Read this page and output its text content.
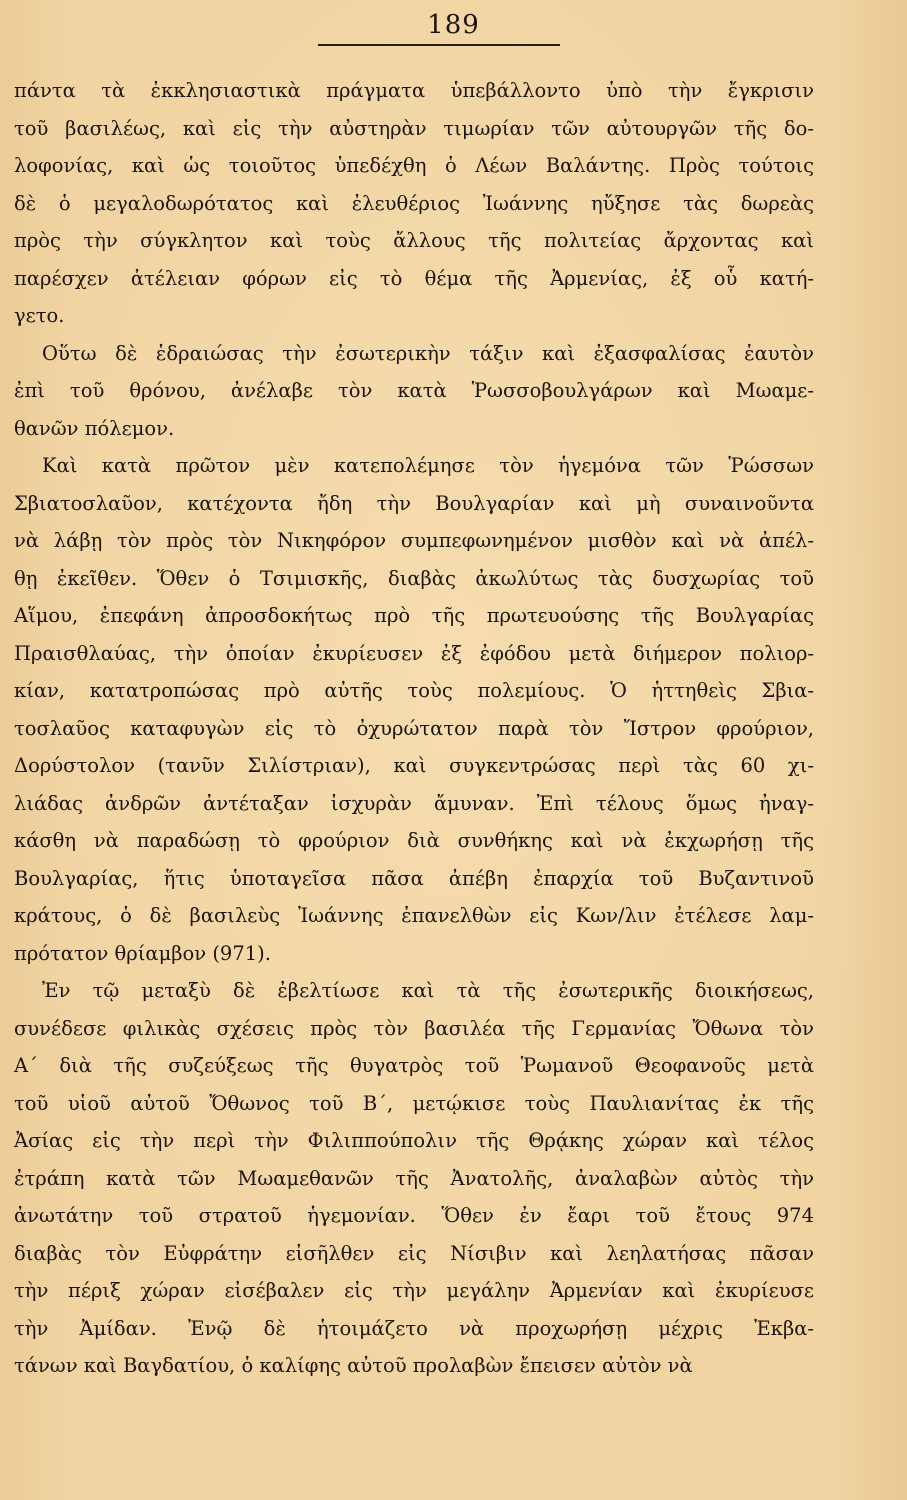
189
πάντα τὰ ἐκκλησιαστικὰ πράγματα ὑπεβάλλοντο ὑπὸ τὴν ἔγκρισιν
τοῦ βασιλέως, καὶ εἰς τὴν αὐστηρὰν τιμωρίαν τῶν αὐτουργῶν τῆς δο-
λοφονίας, καὶ ὡς τοιοῦτος ὑπεδέχθη ὁ Λέων Βαλάντης. Πρὸς τούτοις
δὲ ὁ μεγαλοδωρότατος καὶ ἐλευθέριος Ἰωάννης ηὔξησε τὰς δωρεὰς
πρὸς τὴν σύγκλητον καὶ τοὺς ἄλλους τῆς πολιτείας ἄρχοντας καὶ
παρέσχεν ἀτέλειαν φόρων εἰς τὸ θέμα τῆς Ἀρμενίας, ἐξ οὗ κατή-
γετο.
Οὕτω δὲ ἑδραιώσας τὴν ἐσωτερικὴν τάξιν καὶ ἐξασφαλίσας ἑαυτὸν
ἐπὶ τοῦ θρόνου, ἀνέλαβε τὸν κατὰ Ῥωσσοβουλγάρων καὶ Μωαμε-
θανῶν πόλεμον.
Καὶ κατὰ πρῶτον μὲν κατεπολέμησε τὸν ἡγεμόνα τῶν Ῥώσσων
Σβιατοσλαῦον, κατέχοντα ἤδη τὴν Βουλγαρίαν καὶ μὴ συναινοῦντα
νὰ λάβῃ τὸν πρὸς τὸν Νικηφόρον συμπεφωνημένον μισθὸν καὶ νὰ ἀπέλ-
θῃ ἐκεῖθεν. Ὅθεν ὁ Τσιμισκῆς, διαβὰς ἀκωλύτως τὰς δυσχωρίας τοῦ
Αἵμου, ἐπεφάνη ἀπροσδοκήτως πρὸ τῆς πρωτευούσης τῆς Βουλγαρίας
Πραισθλαύας, τὴν ὁποίαν ἐκυρίευσεν ἐξ ἐφόδου μετὰ διήμερον πολιορ-
κίαν, κατατροπώσας πρὸ αὐτῆς τοὺς πολεμίους. Ὁ ἡττηθεὶς Σβια-
τοσλαῦος καταφυγὼν εἰς τὸ ὀχυρώτατον παρὰ τὸν Ἴστρον φρούριον,
Δορύστολον (τανῦν Σιλίστριαν), καὶ συγκεντρώσας περὶ τὰς 60 χι-
λιάδας ἀνδρῶν ἀντέταξαν ἰσχυρὰν ἄμυναν. Ἐπὶ τέλους ὅμως ἠναγ-
κάσθη νὰ παραδώσῃ τὸ φρούριον διὰ συνθήκης καὶ νὰ ἐκχωρήσῃ τῆς
Βουλγαρίας, ἥτις ὑποταγεῖσα πᾶσα ἀπέβη ἐπαρχία τοῦ Βυζαντινοῦ
κράτους, ὁ δὲ βασιλεὺς Ἰωάννης ἐπανελθὼν εἰς Κων/λιν ἐτέλεσε λαμ-
πρότατον θρίαμβον (971).
Ἐν τῷ μεταξὺ δὲ ἐβελτίωσε καὶ τὰ τῆς ἐσωτερικῆς διοικήσεως,
συνέδεσε φιλικὰς σχέσεις πρὸς τὸν βασιλέα τῆς Γερμανίας Ὄθωνα τὸν
Α΄ διὰ τῆς συζεύξεως τῆς θυγατρὸς τοῦ Ῥωμανοῦ Θεοφανοῦς μετὰ
τοῦ υἱοῦ αὐτοῦ Ὄθωνος τοῦ Β΄, μετῴκισε τοὺς Παυλιανίτας ἐκ τῆς
Ἀσίας εἰς τὴν περὶ τὴν Φιλιππούπολιν τῆς Θρᾴκης χώραν καὶ τέλος
ἐτράπη κατὰ τῶν Μωαμεθανῶν τῆς Ἀνατολῆς, ἀναλαβὼν αὐτὸς τὴν
ἀνωτάτην τοῦ στρατοῦ ἡγεμονίαν. Ὅθεν ἐν ἔαρι τοῦ ἔτους 974
διαβὰς τὸν Εὐφράτην εἰσῆλθεν εἰς Νίσιβιν καὶ λεηλατήσας πᾶσαν
τὴν πέριξ χώραν εἰσέβαλεν εἰς τὴν μεγάλην Ἀρμενίαν καὶ ἐκυρίευσε
τὴν Ἀμίδαν. Ἐνῷ δὲ ἡτοιμάζετο νὰ προχωρήσῃ μέχρις Ἐκβα-
τάνων καὶ Βαγδατίου, ὁ καλίφης αὐτοῦ προλαβὼν ἔπεισεν αὐτὸν νὰ
